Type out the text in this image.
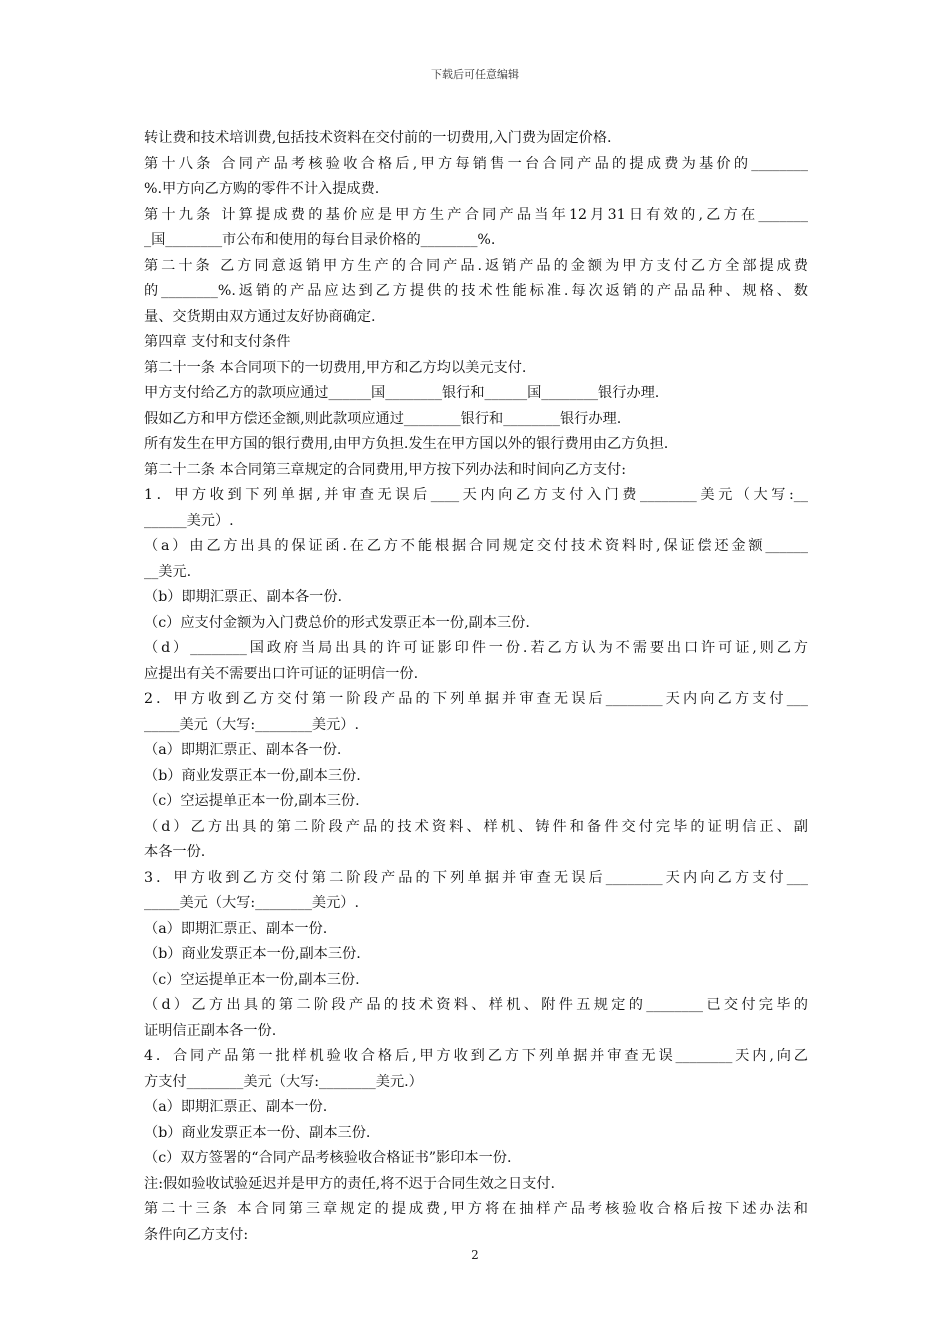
下载后可任意编辑
转让费和技术培训费,包括技术资料在交付前的一切费用,入门费为固定价格.
第十八条 合同产品考核验收合格后,甲方每销售一台合同产品的提成费为基价的________
%.甲方向乙方购的零件不计入提成费.
第十九条 计算提成费的基价应是甲方生产合同产品当年12月31日有效的,乙方在_______
_国________市公布和使用的每台目录价格的________%.
第二十条 乙方同意返销甲方生产的合同产品.返销产品的金额为甲方支付乙方全部提成费
的________%.返销的产品应达到乙方提供的技术性能标准.每次返销的产品品种、规格、数
量、交货期由双方通过友好协商确定.
第四章 支付和支付条件
第二十一条 本合同项下的一切费用,甲方和乙方均以美元支付.
甲方支付给乙方的款项应通过______国________银行和______国________银行办理.
假如乙方和甲方偿还金额,则此款项应通过________银行和________银行办理.
所有发生在甲方国的银行费用,由甲方负担.发生在甲方国以外的银行费用由乙方负担.
第二十二条 本合同第三章规定的合同费用,甲方按下列办法和时间向乙方支付:
1．甲方收到下列单据,并审查无误后____天内向乙方支付入门费________美元（大写:__
______美元）.
（a）由乙方出具的保证函.在乙方不能根据合同规定交付技术资料时,保证偿还金额______
__美元.
（b）即期汇票正、副本各一份.
（c）应支付金额为入门费总价的形式发票正本一份,副本三份.
（d）________国政府当局出具的许可证影印件一份.若乙方认为不需要出口许可证,则乙方
应提出有关不需要出口许可证的证明信一份.
2．甲方收到乙方交付第一阶段产品的下列单据并审查无误后________天内向乙方支付___
_____美元（大写:________美元）.
（a）即期汇票正、副本各一份.
（b）商业发票正本一份,副本三份.
（c）空运提单正本一份,副本三份.
（d）乙方出具的第二阶段产品的技术资料、样机、铸件和备件交付完毕的证明信正、副
本各一份.
3．甲方收到乙方交付第二阶段产品的下列单据并审查无误后________天内向乙方支付___
_____美元（大写:________美元）.
（a）即期汇票正、副本一份.
（b）商业发票正本一份,副本三份.
（c）空运提单正本一份,副本三份.
（d）乙方出具的第二阶段产品的技术资料、样机、附件五规定的________已交付完毕的
证明信正副本各一份.
4．合同产品第一批样机验收合格后,甲方收到乙方下列单据并审查无误________天内,向乙
方支付________美元（大写:________美元.）
（a）即期汇票正、副本一份.
（b）商业发票正本一份、副本三份.
（c）双方签署的“合同产品考核验收合格证书”影印本一份.
注:假如验收试验延迟并是甲方的责任,将不迟于合同生效之日支付.
第二十三条 本合同第三章规定的提成费,甲方将在抽样产品考核验收合格后按下述办法和
条件向乙方支付:
2
